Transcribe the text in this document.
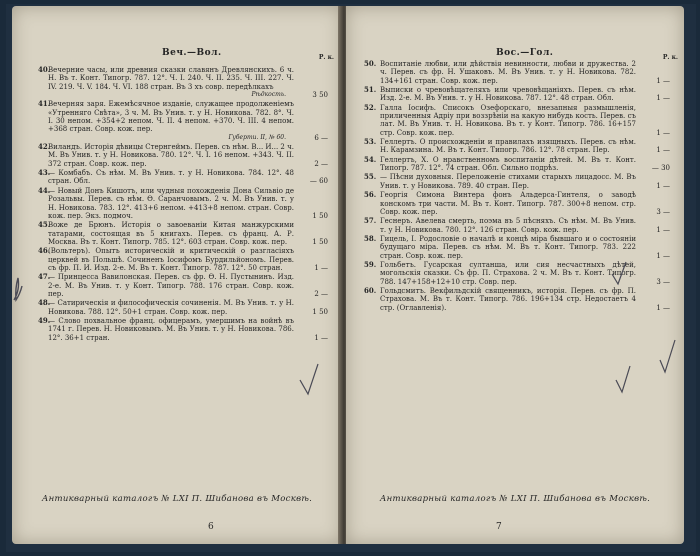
Веч.—Вол.	Р. к.
40.
Вечерние часы, или древния сказки славянъ Древлянскихъ. 6 ч. Н. Въ т. Конт. Типогр. 787. 12°. Ч. I. 240. Ч. II. 235. Ч. III. 227. Ч. IV. 219. Ч. V. 184. Ч. VI. 188 стран. Въ 3 хъ совр. передѣлкахъ
Рѣдкость.	3 50
41.
Вечерняя заря. Ежемѣсячное изданіе, служащее продолженіемъ «Утренняго Свѣта», 3 ч. М. Въ Унив. т. у Н. Новикова. 782. 8°. Ч. I. 30 непом. +354+2 непом. Ч. II. 4 непом. +370. Ч. III. 4 непом. +368 стран. Совр. кож. пер.
Губерти. II, № 60.	6 —
42.
Виландъ. Исторія дѣвицы Стернгеймъ. Перев. съ нѣм. В... И... 2 ч. М. Въ Унив. т. у Н. Новикова. 780. 12°. Ч. I. 16 непом. +343. Ч. II. 372 стран. Совр. кож. пер.	2 —
43.
— Комбабъ. Съ нѣм. М. Въ Унив. т. у Н. Новикова. 784. 12°. 48 стран. Обл.	— 60
44.
— Новый Донъ Кишотъ, или чудныя похожденія Дона Сильвіо де Розальвы. Перев. съ нѣм. Ѳ. Саранчовымъ. 2 ч. М. Въ Унив. т. у Н. Новикова. 783. 12°. 413+6 непом. +413+8 непом. стран. Совр. кож. пер. Экз. подмоч.	1 50
45.
Воже де Брюнъ. Исторія о завоеваніи Китая манжурскими татарами, состоящая въ 5 книгахъ. Перев. съ франц. А. Р. Москва. Въ т. Конт. Типогр. 785. 12°. 603 стран. Совр. кож. пер.	1 50
46.
(Вольтеръ). Опытъ историческій и критическій о разгласіяхъ церквей въ Польшѣ. Сочиненъ Іосифомъ Бурдильйономъ. Перев. съ фр. П. И. Изд. 2-е. М. Въ т. Конт. Типогр. 787. 12°. 50 стран.	1 —
47.
— Принцесса Вавилонская. Перев. съ фр. Ѳ. Н. Пустынинъ. Изд. 2-е. М. Въ Унив. т. у Конт. Типогр. 788. 176 стран. Совр. кож. пер.	2 —
48.
— Сатирическія и философическія сочиненія. М. Въ Унив. т. у Н. Новикова. 788. 12°. 50+1 стран. Совр. кож. пер.	1 50
49.
— Слово похвальное франц. офицерамъ, умершимъ на войнѣ въ 1741 г. Перев. Н. Новиковымъ. М. Въ Унив. т. у Н. Новикова. 786. 12°. 36+1 стран.	1 —
Антикварный каталогъ № LXI П. Шибанова въ Москвѣ.
6
Вос.—Гол.	Р. к.
50. Воспитаніе любви, или дѣйствія невинности, любви и дружества. 2 ч. Перев. съ фр. Н. Ушаковъ. М. Въ Унив. т. у Н. Новикова. 782. 134+161 стран. Совр. кож. пер.	1 —
51. Выписки о чревовѣщателяхъ или чревовѣщаніяхъ. Перев. съ нѣм. Изд. 2-е. М. Въ Унив. т. у Н. Новикова. 787. 12°. 48 стран. Обл.	1 —
52. Галла Іосифъ. Списокъ Озефорскаго, внезапныя размышленія, приличенныя Адріу при воззрѣніи на какую нибудь кость. Перев. съ лат. М. Въ Унив. т. Н. Новикова. Въ т. у Конт. Типогр. 786. 16+157 стр. Совр. кож. пер.	1 —
53. Геллертъ. О происхожденіи и правилахъ изящныхъ. Перев. съ нѣм. Н. Карамзина. М. Въ т. Конт. Типогр. 786. 12°. 78 стран. Пер.	1 —
54. Геллертъ, Х. О нравственномъ воспитаніи дѣтей. М. Въ т. Конт. Типогр. 787. 12°. 74 стран. Обл. Сильно подрѣз.	— 30
55. — Пѣсни духовныя. Переложеніе стихами старыхъ лицадосс. М. Въ Унив. т. у Новикова. 789. 40 стран. Пер.	1 —
56. Георгія Симона Винтера фонъ Альдерса-Гинтеля, о заводѣ конскомъ три части. М. Въ т. Конт. Типогр. 787. 300+8 непом. стр. Совр. кож. пер.	3 —
57. Геснеръ. Авелева смерть, поэма въ 5 пѣсняхъ. Съ нѣм. М. Въ Унив. т. у Н. Новикова. 780. 12°. 126 стран. Совр. кож. пер.	1 —
58. Гицель, І. Родословіе о началѣ и концѣ міра бывшаго и о состояніи будущаго міра. Перев. съ нѣм. М. Въ т. Конт. Типогр. 783. 222 стран. Совр. кож. пер.	1 —
59. Гольбетъ. Гусарская султанша, или сия несчастныхъ дѣтей, могольскія сказки. Съ фр. П. Страхова. 2 ч. М. Въ т. Конт. Типогр. 788. 147+158+12+10 стр. Совр. пер.	3 —
60. Гольдсмитъ. Векфильдскій священникъ, исторія. Перев. съ фр. П. Страхова. М. Въ т. Конт. Типогр. 786. 196+134 стр. Недостаетъ 4 стр. (Оглавленія).	1 —
Антикварный каталогъ № LXI П. Шибанова въ Москвѣ.
7
